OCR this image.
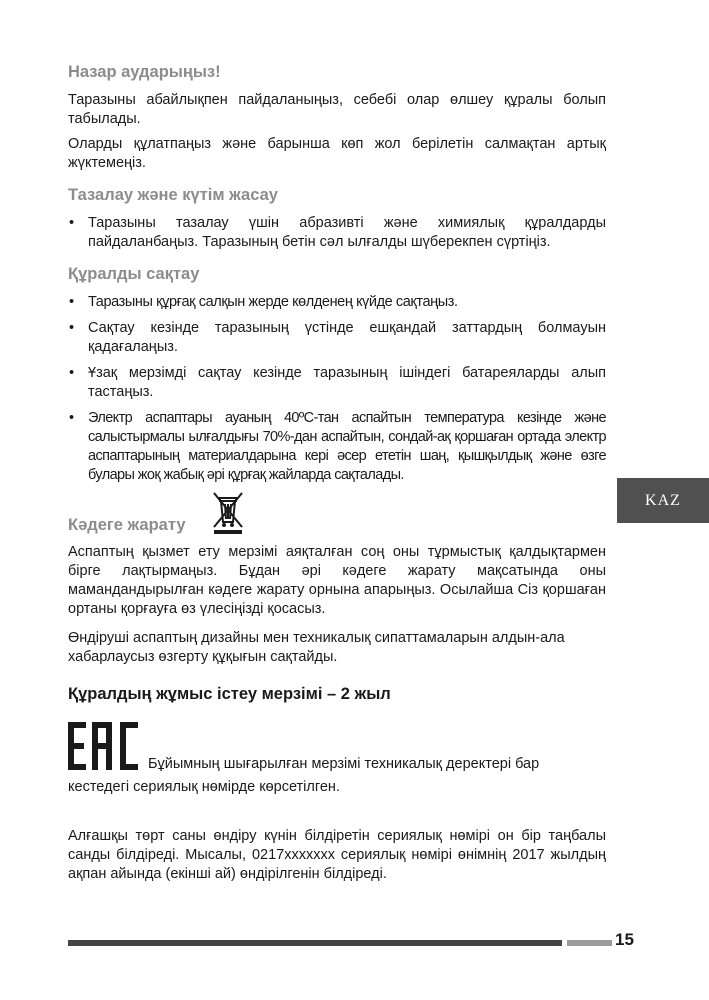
Назар аударыңыз!

Таразыны абайлықпен пайдаланыңыз, себебі олар өлшеу құралы болып табылады.

Оларды құлатпаңыз және барынша көп жол берілетін салмақтан артық жүктемеңіз.

Тазалау және күтім жасау
• Таразыны тазалау үшін абразивті және химиялық құралдарды пайдаланбаңыз. Таразының бетін сәл ылғалды шүберекпен сүртіңіз.
Құралды сақтау
• Таразыны құрғақ салқын жерде көлденең күйде сақтаңыз.
• Сақтау кезінде таразының үстінде ешқандай заттардың болмауын қадағалаңыз.
• Ұзақ мерзімді сақтау кезінде таразының ішіндегі батареяларды алып тастаңыз.
• Электр аспаптары ауаның 40ºС-тан аспайтын температура кезінде және салыстырмалы ылғалдығы 70%-дан аспайтын, сондай-ақ қоршаған ортада электр аспаптарының материалдарына кері әсер ететін шаң, қышқылдық және өзге булары жоқ жабық әрі құрғақ жайларда сақталады.
Кәдеге жарату

Аспаптың қызмет ету мерзімі аяқталған соң оны тұрмыстық қалдықтармен бірге лақтырмаңыз. Бұдан әрі кәдеге жарату мақсатында оны мамандандырылған кәдеге жарату орнына апарыңыз. Осылайша Сіз қоршаған ортаны қорғауға өз үлесіңізді қосасыз.

Өндіруші аспаптың дизайны мен техникалық сипаттамаларын алдын-ала хабарлаусыз өзгерту құқығын сақтайды.

Құралдың жұмыс істеу мерзімі – 2 жыл
Бұйымның шығарылған мерзімі техникалық деректері бар

кестедегі сериялық нөмірде көрсетілген.

Алғашқы төрт саны өндіру күнін білдіретін сериялық нөмірі он бір таңбалы санды білдіреді. Мысалы, 0217ххххххх сериялық нөмірі өнімнің 2017 жылдың ақпан айында (екінші ай) өндірілгенін білдіреді.

KAZ
15
